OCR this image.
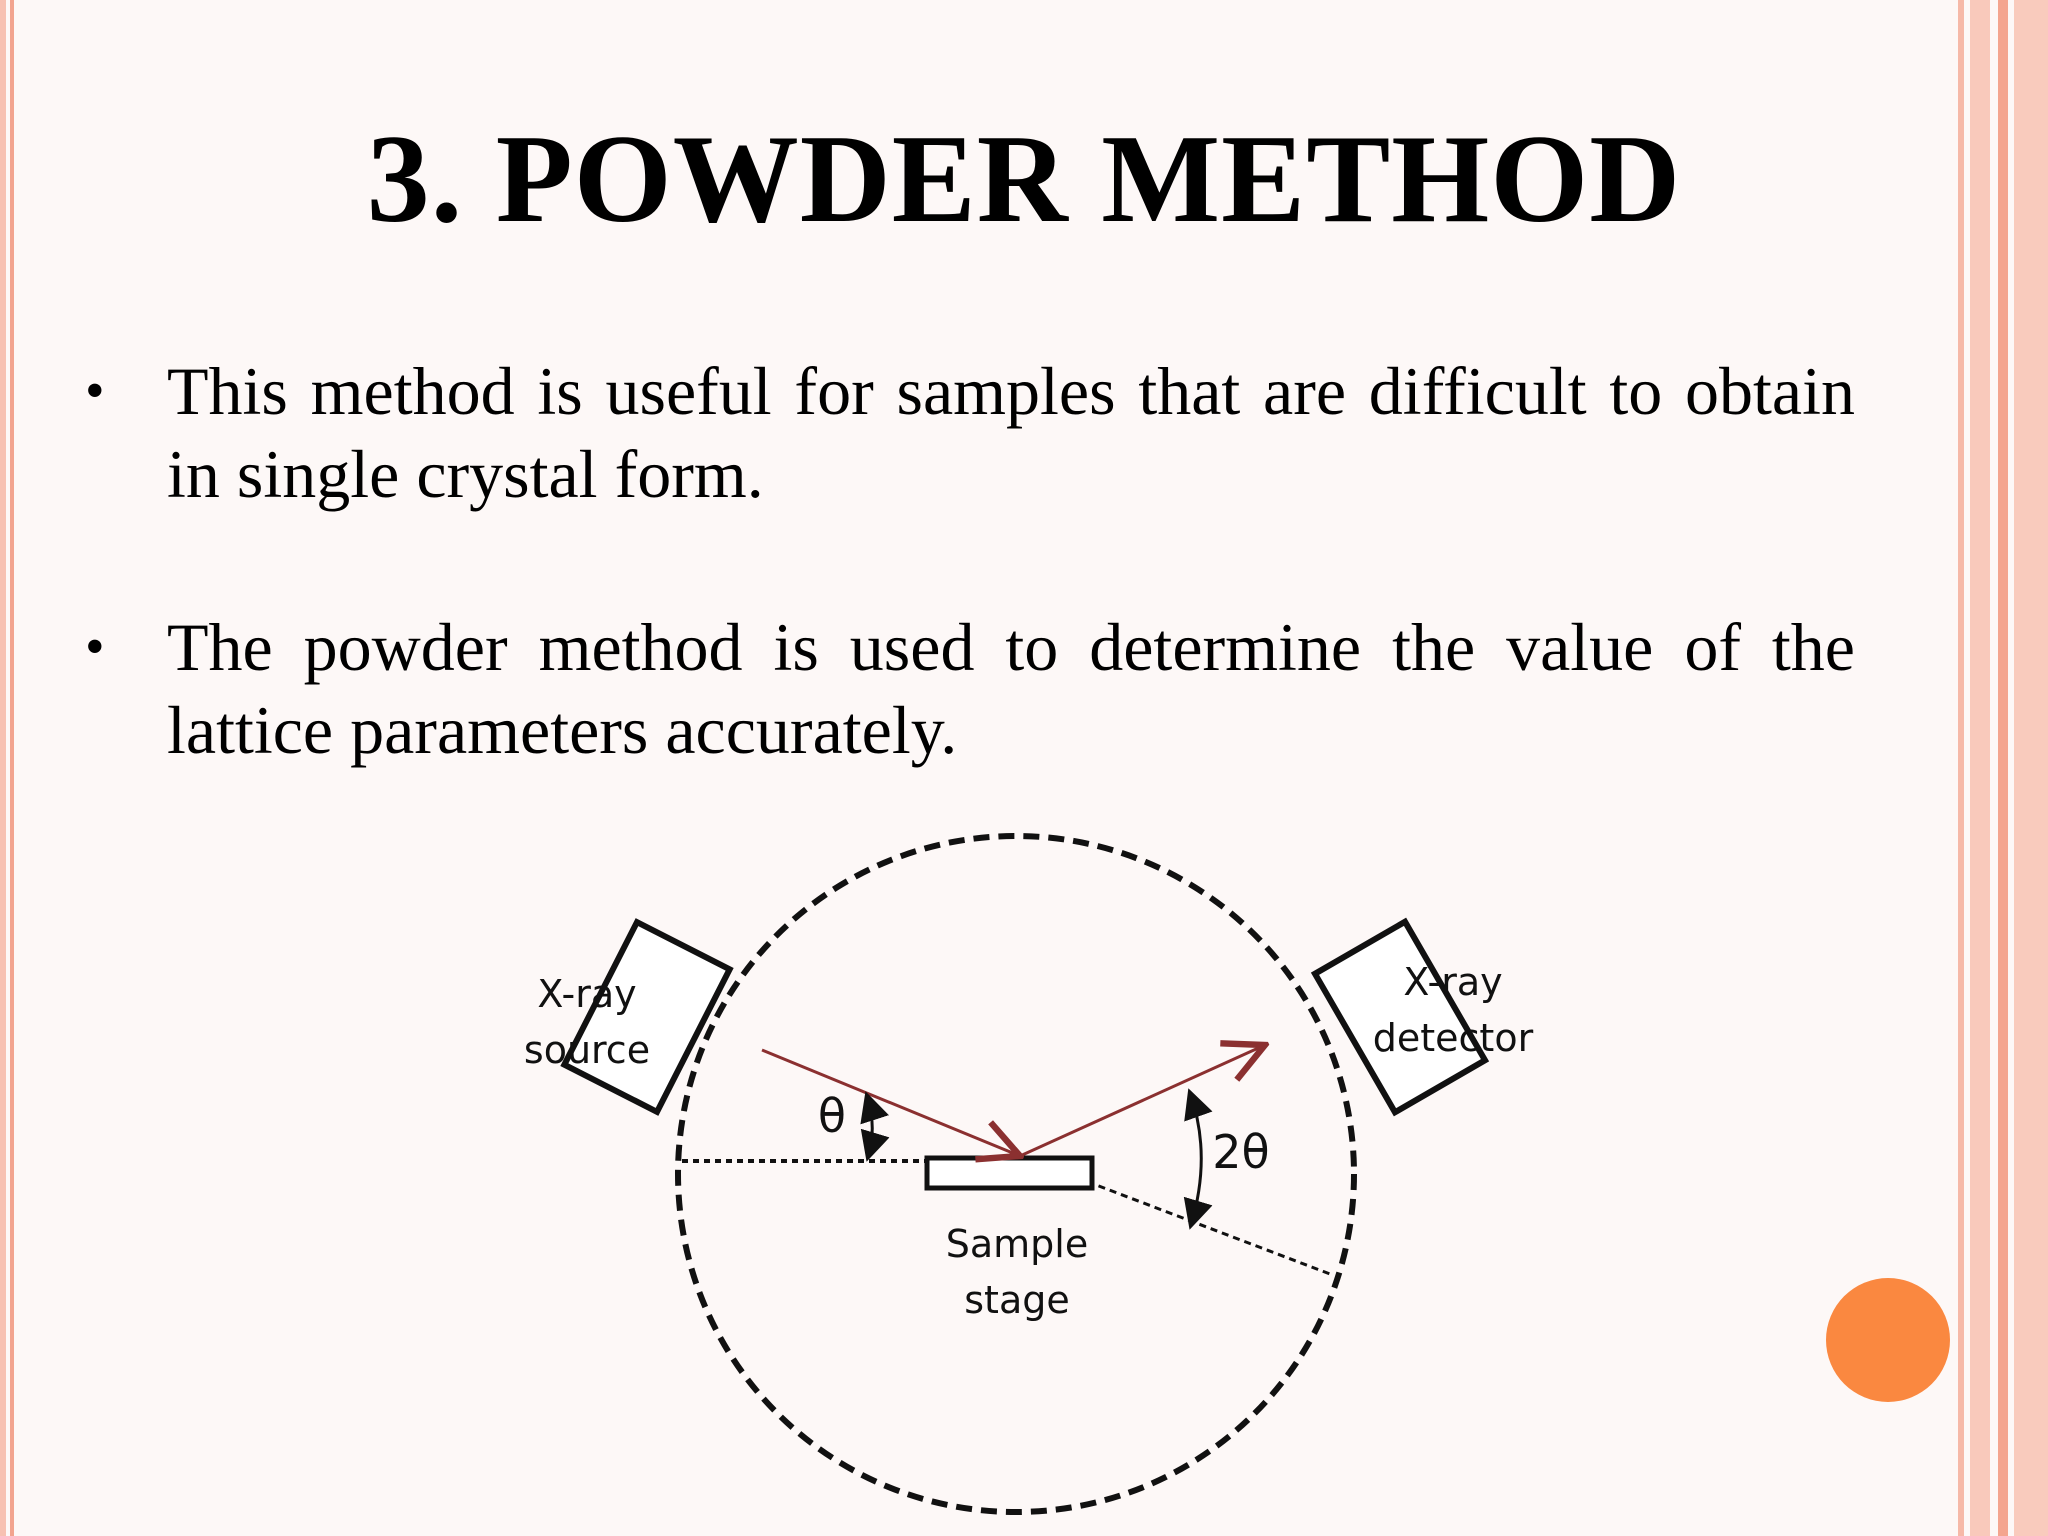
3. POWDER METHOD
• This method is useful for samples that are difficult to obtain in single crystal form.
• The powder method is used to determine the value of the lattice parameters accurately.
X-ray
source
X-ray
detector
Sample
stage
θ
2θ
